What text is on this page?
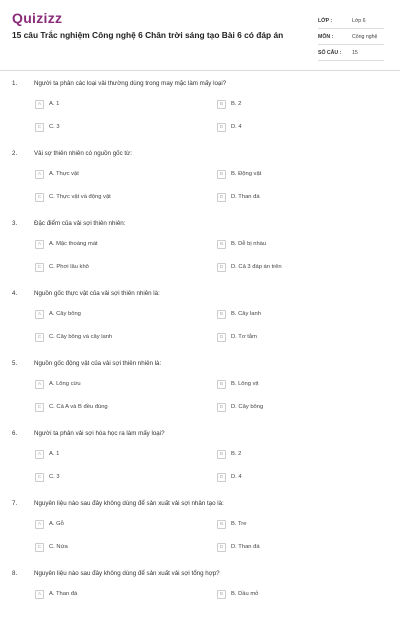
Quizizz
15 câu Trắc nghiệm Công nghệ 6 Chân trời sáng tạo Bài 6 có đáp án
LỚP :	Lớp 6
MÔN :	Công nghệ
SỐ CÂU :	15
1.	Người ta phân các loại vải thường dùng trong may mặc làm mấy loại?
A	A. 1	B	B. 2
C	C. 3	D	D. 4
2.	Vải sợ thiên nhiên có nguồn gốc từ:
A	A. Thực vật	B	B. Động vật
C	C. Thực vật và động vật	D	D. Than đá
3.	Đặc điểm của vải sợi thiên nhiên:
A	A. Mặc thoáng mát	B	B. Dễ bị nhàu
C	C. Phơi lâu khô	D	D. Cả 3 đáp án trên
4.	Nguồn gốc thực vật của vải sợi thiên nhiên là:
A	A. Cây bông	B	B. Cây lanh
C	C. Cây bông và cây lanh	D	D. Tơ tằm
5.	Nguồn gốc động vật của vải sợi thiên nhiên là:
A	A. Lông cừu	B	B. Lông vịt
C	C. Cả A và B đều đúng	D	D. Cây bông
6.	Người ta phân vải sợi hóa học ra làm mấy loại?
A	A. 1	B	B. 2
C	C. 3	D	D. 4
7.	Nguyên liệu nào sau đây không dùng để sản xuất vải sợi nhân tạo là:
A	A. Gỗ	B	B. Tre
C	C. Nứa	D	D. Than đá
8.	Nguyên liệu nào sau đây không dùng để sản xuất vải sợi tổng hợp?
A	A. Than đá	B	B. Dầu mỏ
